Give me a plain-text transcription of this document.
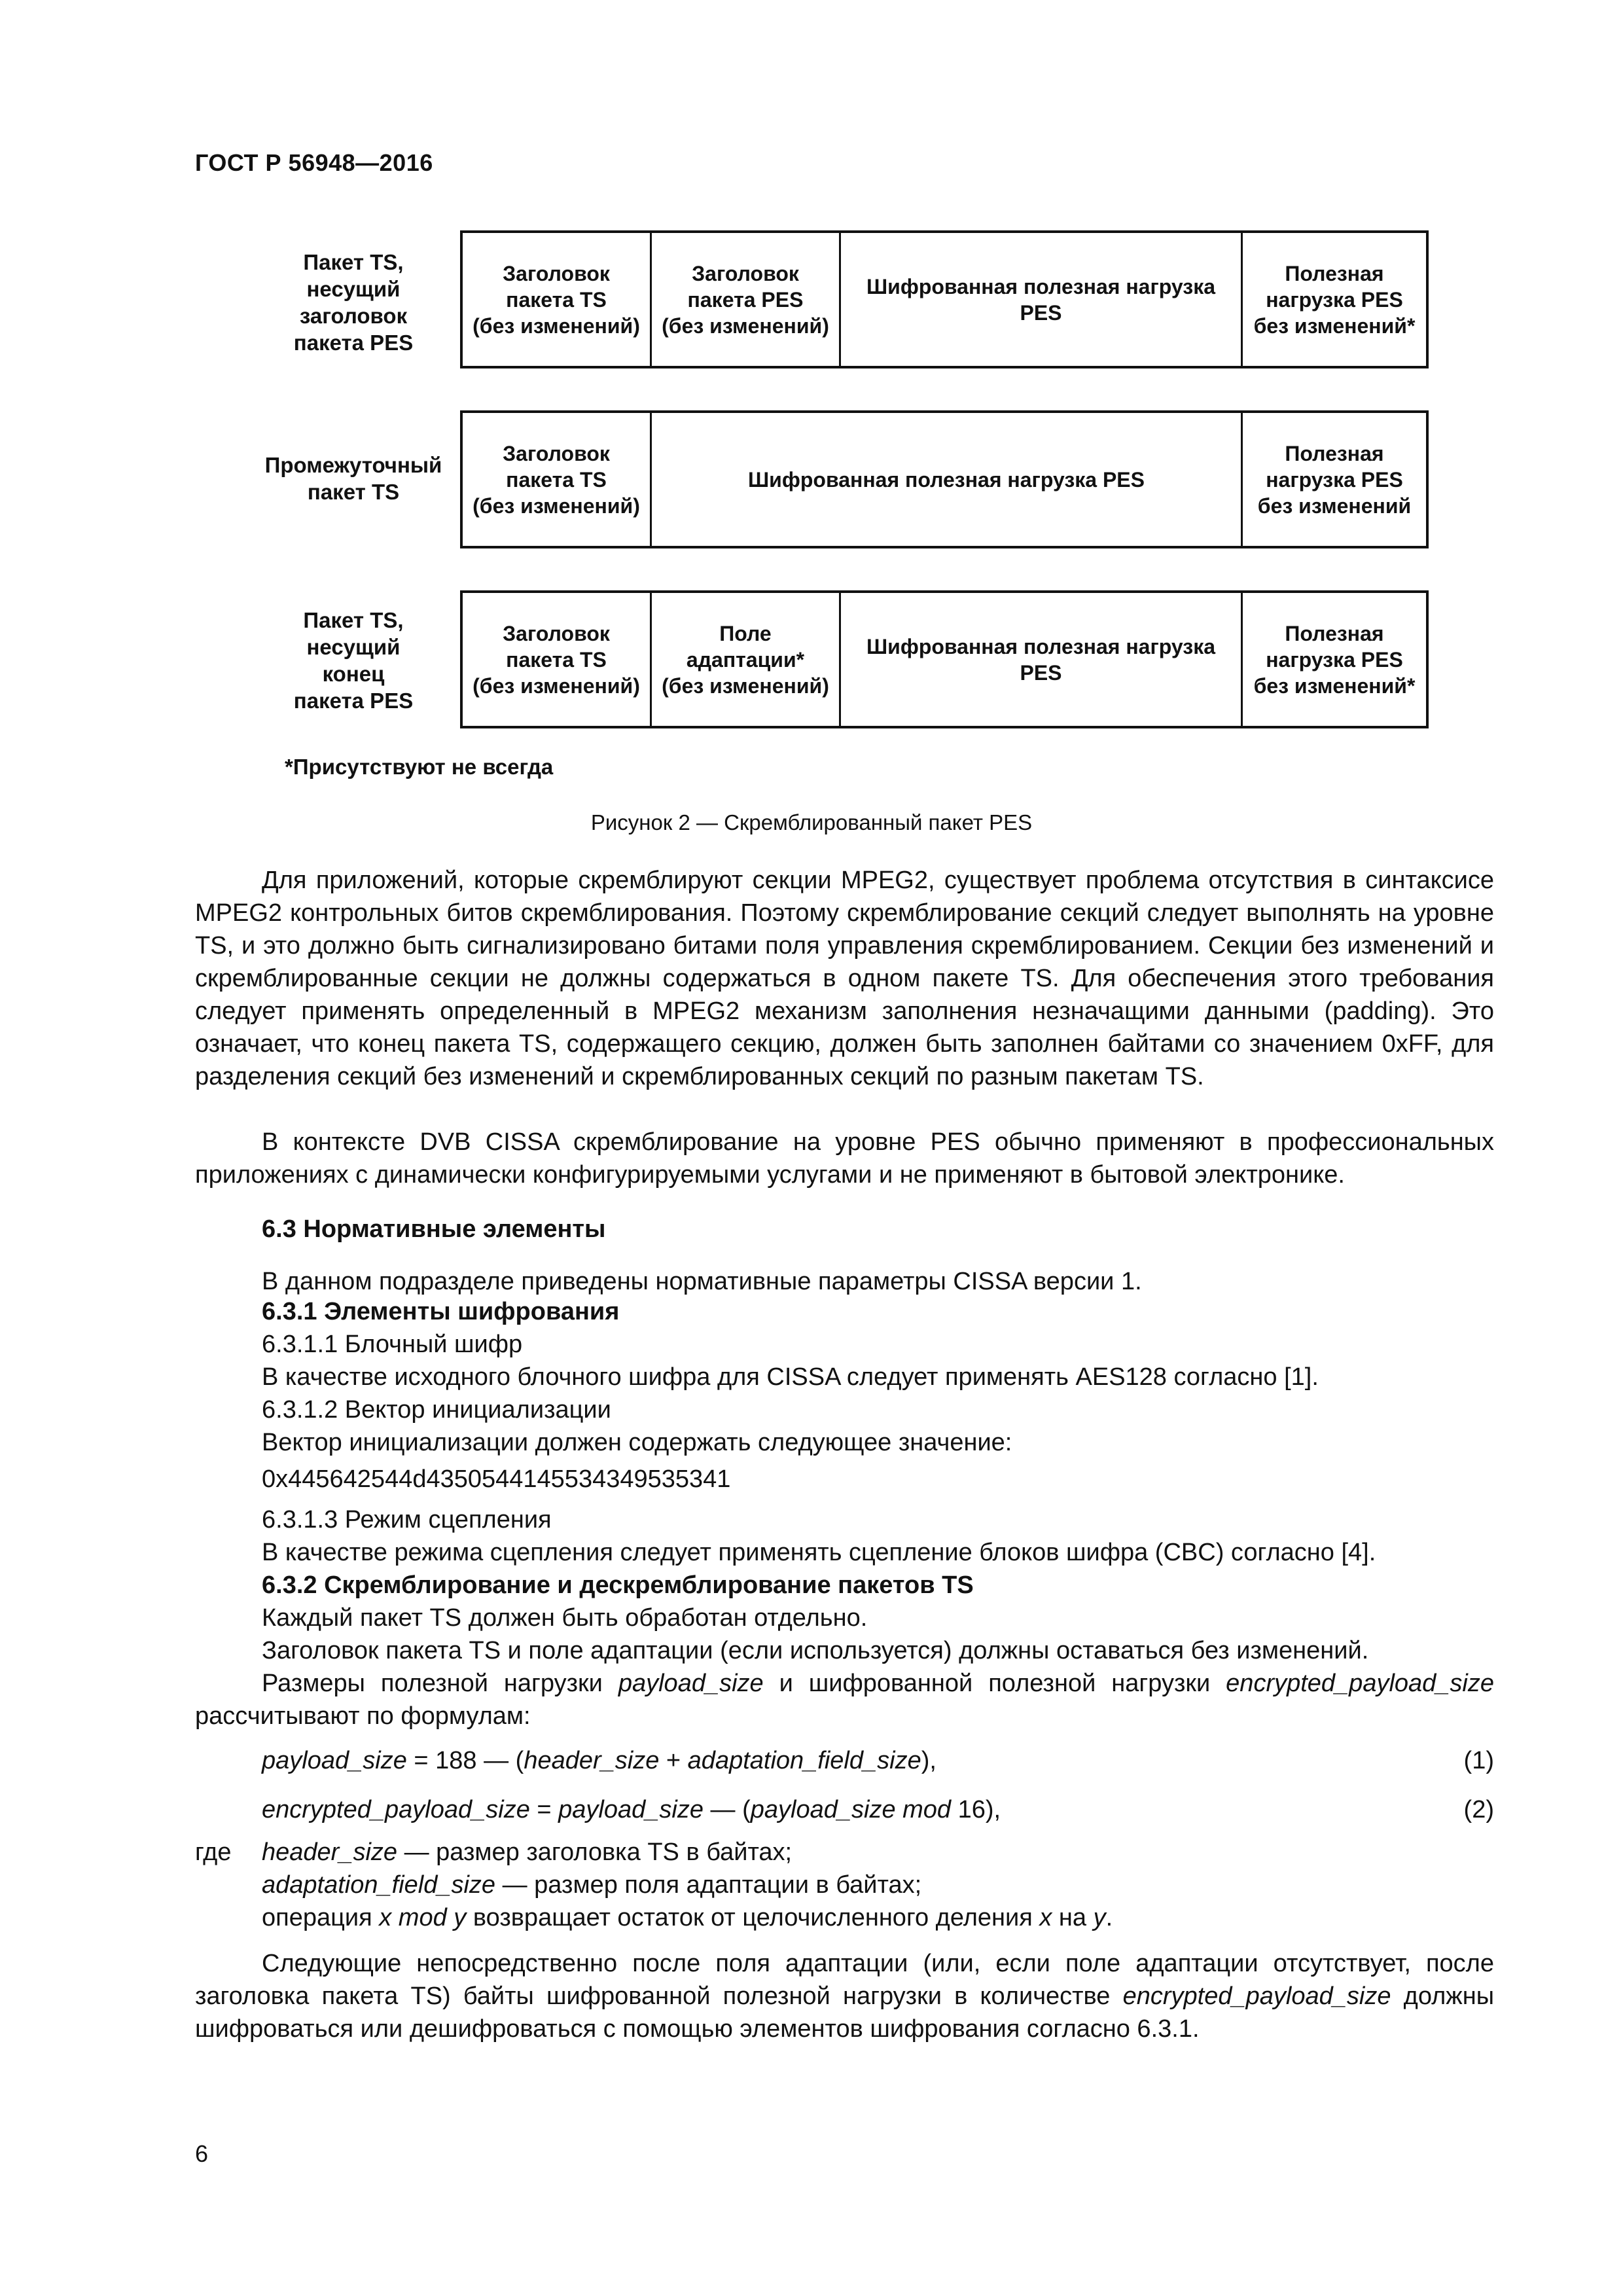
ГОСТ Р 56948—2016
Пакет TS,
несущий
заголовок
пакета PES
Заголовок
пакета TS
(без изменений)
Заголовок
пакета PES
(без изменений)
Шифрованная полезная нагрузка
PES
Полезная
нагрузка PES
без изменений*
Промежуточный
пакет TS
Заголовок
пакета TS
(без изменений)
Шифрованная полезная нагрузка PES
Полезная
нагрузка PES
без изменений
Пакет TS,
несущий
конец
пакета PES
Заголовок
пакета TS
(без изменений)
Поле
адаптации*
(без изменений)
Шифрованная полезная нагрузка
PES
Полезная
нагрузка PES
без изменений*
*Присутствуют не всегда
Рисунок 2 — Скремблированный пакет PES
Для приложений, которые скремблируют секции MPEG2, существует проблема отсутствия в синтаксисе MPEG2 контрольных битов скремблирования. Поэтому скремблирование секций следует выполнять на уровне TS, и это должно быть сигнализировано битами поля управления скремблированием. Секции без изменений и скремблированные секции не должны содержаться в одном пакете TS. Для обеспечения этого требования следует применять определенный в MPEG2 механизм заполнения незначащими данными (padding). Это означает, что конец пакета TS, содержащего секцию, должен быть заполнен байтами со значением 0xFF, для разделения секций без изменений и скремблированных секций по разным пакетам TS.
В контексте DVB CISSA скремблирование на уровне PES обычно применяют в профессиональных приложениях с динамически конфигурируемыми услугами и не применяют в бытовой электронике.
6.3 Нормативные элементы
В данном подразделе приведены нормативные параметры CISSA версии 1.
6.3.1 Элементы шифрования
6.3.1.1 Блочный шифр
В качестве исходного блочного шифра для CISSA следует применять AES128 согласно [1].
6.3.1.2 Вектор инициализации
Вектор инициализации должен содержать следующее значение:
0x445642544d4350544145534349535341
6.3.1.3 Режим сцепления
В качестве режима сцепления следует применять сцепление блоков шифра (CBC) согласно [4].
6.3.2 Скремблирование и дескремблирование пакетов TS
Каждый пакет TS должен быть обработан отдельно.
Заголовок пакета TS и поле адаптации (если используется) должны оставаться без изменений.
Размеры полезной нагрузки payload_size и шифрованной полезной нагрузки encrypted_payload_size рассчитывают по формулам:
payload_size = 188 — (header_size + adaptation_field_size),	(1)
encrypted_payload_size = payload_size — (payload_size mod 16),	(2)
где header_size — размер заголовка TS в байтах;
adaptation_field_size — размер поля адаптации в байтах;
операция x mod y возвращает остаток от целочисленного деления x на y.
Следующие непосредственно после поля адаптации (или, если поле адаптации отсутствует, после заголовка пакета TS) байты шифрованной полезной нагрузки в количестве encrypted_payload_size должны шифроваться или дешифроваться с помощью элементов шифрования согласно 6.3.1.
6
